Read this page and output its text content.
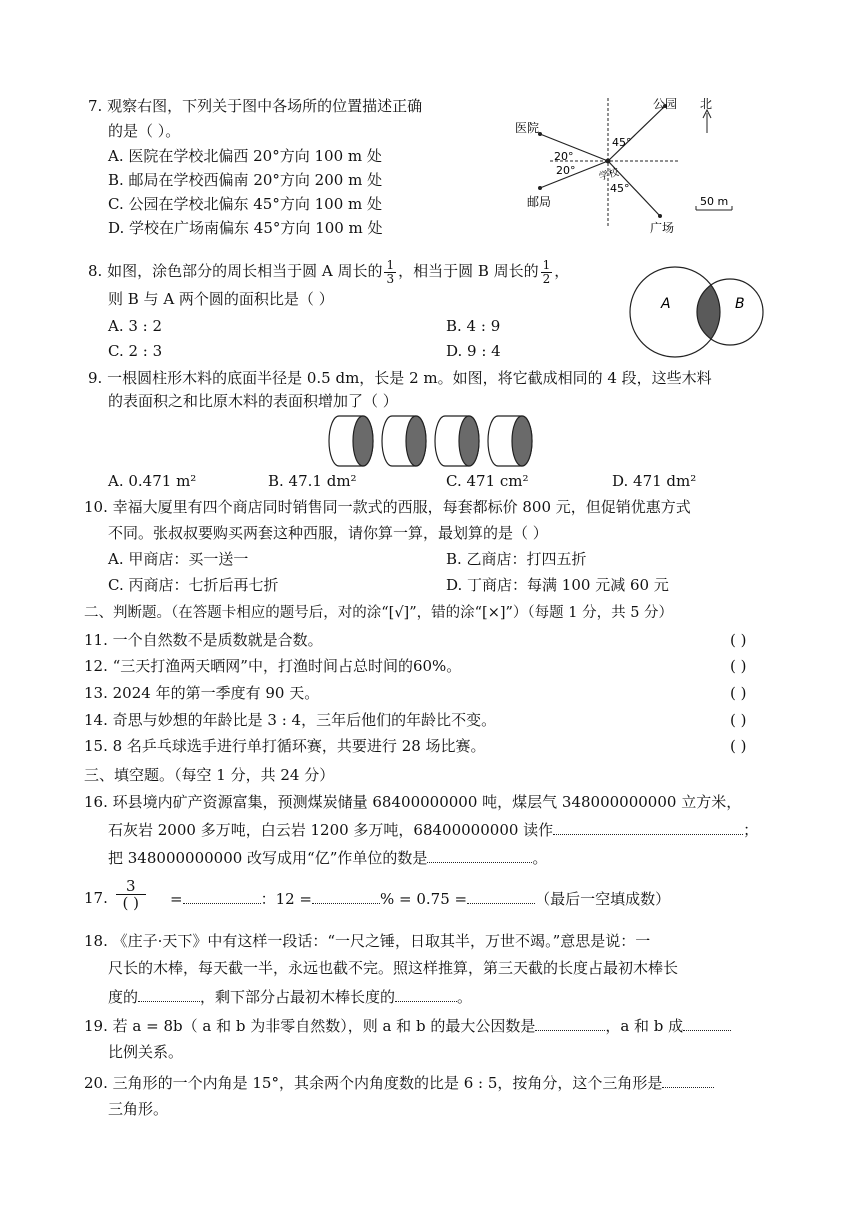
7. 观察右图，下列关于图中各场所的位置描述正确
的是（ ）。
A. 医院在学校北偏西 20°方向 100 m 处
B. 邮局在学校西偏南 20°方向 200 m 处
C. 公园在学校北偏东 45°方向 100 m 处
D. 学校在广场南偏东 45°方向 100 m 处
公园 北
医院
学校
邮局
广场
45°
20°
20°
45°
50 m
8. 如图，涂色部分的周长相当于圆 A 周长的 $\frac{1}{3}$ ，相当于圆 B 周长的 $\frac{1}{2}$ ，
则 B 与 A 两个圆的面积比是（ ）
A. 3 : 2	B. 4 : 9
C. 2 : 3	D. 9 : 4
A	B
9. 一根圆柱形木料的底面半径是 0.5 dm，长是 2 m。如图，将它截成相同的 4 段，这些木料
的表面积之和比原木料的表面积增加了（ ）
A. 0.471 m²	B. 47.1 dm²	C. 471 cm²	D. 471 dm²
10. 幸福大厦里有四个商店同时销售同一款式的西服，每套都标价 800 元，但促销优惠方式
不同。张叔叔要购买两套这种西服，请你算一算，最划算的是（ ）
A. 甲商店：买一送一	B. 乙商店：打四五折
C. 丙商店：七折后再七折	D. 丁商店：每满 100 元减 60 元
二、判断题。（在答题卡相应的题号后，对的涂“[√]”，错的涂“[×]”）（每题 1 分，共 5 分）
11. 一个自然数不是质数就是合数。
12. “三天打渔两天晒网”中，打渔时间占总时间的60%。
13. 2024 年的第一季度有 90 天。
14. 奇思与妙想的年龄比是 3 : 4，三年后他们的年龄比不变。
15. 8 名乒乓球选手进行单打循环赛，共要进行 28 场比赛。
( )
( )
( )
( )
( )
三、填空题。（每空 1 分，共 24 分）
16. 环县境内矿产资源富集，预测煤炭储量 68400000000 吨，煤层气 348000000000 立方米，
石灰岩 2000 多万吨，白云岩 1200 多万吨，68400000000 读作	；
把 348000000000 改写成用“亿”作单位的数是	。
17.
3
( )	=	：12 =	% = 0.75 =	（最后一空填成数）
18. 《庄子·天下》中有这样一段话：“一尺之锤，日取其半，万世不竭。”意思是说：一
尺长的木棒，每天截一半，永远也截不完。照这样推算，第三天截的长度占最初木棒长
度的	，剩下部分占最初木棒长度的	。
19. 若 a = 8b（ a 和 b 为非零自然数），则 a 和 b 的最大公因数是	，a 和 b 成
比例关系。
20. 三角形的一个内角是 15°，其余两个内角度数的比是 6 : 5，按角分，这个三角形是
三角形。
